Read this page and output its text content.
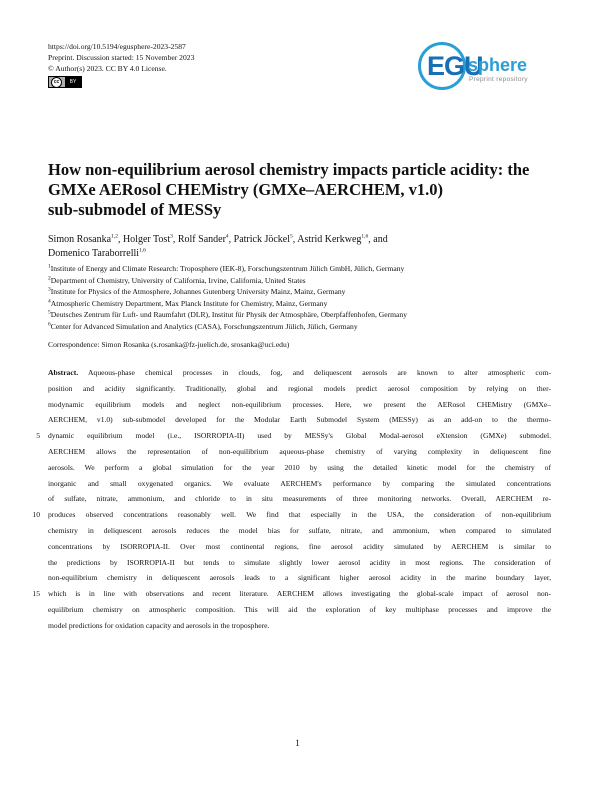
https://doi.org/10.5194/egusphere-2023-2587
Preprint. Discussion started: 15 November 2023
© Author(s) 2023. CC BY 4.0 License.
cc	BY
EGU
sphere
Preprint repository
How non-equilibrium aerosol chemistry impacts particle acidity: the
GMXe AERosol CHEMistry (GMXe–AERCHEM, v1.0)
sub-submodel of MESSy
Simon Rosanka$^{1,2}$, Holger Tost$^3$, Rolf Sander$^4$, Patrick Jöckel$^5$, Astrid Kerkweg$^{1,6}$, and
Domenico Taraborrelli$^{1,6}$
$^1$Institute of Energy and Climate Research: Troposphere (IEK-8), Forschungszentrum Jülich GmbH, Jülich, Germany
$^2$Department of Chemistry, University of California, Irvine, California, United States
$^3$Institute for Physics of the Atmosphere, Johannes Gutenberg University Mainz, Mainz, Germany
$^4$Atmospheric Chemistry Department, Max Planck Institute for Chemistry, Mainz, Germany
$^5$Deutsches Zentrum für Luft- und Raumfahrt (DLR), Institut für Physik der Atmosphäre, Oberpfaffenhofen, Germany
$^6$Center for Advanced Simulation and Analytics (CASA), Forschungszentrum Jülich, Jülich, Germany
Correspondence: Simon Rosanka (s.rosanka@fz-juelich.de, srosanka@uci.edu)
Abstract. Aqueous-phase chemical processes in clouds, fog, and deliquescent aerosols are known to alter atmospheric com-
position and acidity significantly. Traditionally, global and regional models predict aerosol composition by relying on ther-
modynamic equilibrium models and neglect non-equilibrium processes. Here, we present the AERosol CHEMistry (GMXe–
AERCHEM, v1.0) sub-submodel developed for the Modular Earth Submodel System (MESSy) as an add-on to the thermo-
5 dynamic equilibrium model (i.e., ISORROPIA-II) used by MESSy's Global Modal-aerosol eXtension (GMXe) submodel.
AERCHEM allows the representation of non-equilibrium aqueous-phase chemistry of varying complexity in deliquescent fine
aerosols. We perform a global simulation for the year 2010 by using the detailed kinetic model for the chemistry of
inorganic and small oxygenated organics. We evaluate AERCHEM's performance by comparing the simulated concentrations
of sulfate, nitrate, ammonium, and chloride to in situ measurements of three monitoring networks. Overall, AERCHEM re-
10 produces observed concentrations reasonably well. We find that especially in the USA, the consideration of non-equilibrium
chemistry in deliquescent aerosols reduces the model bias for sulfate, nitrate, and ammonium, when compared to simulated
concentrations by ISORROPIA-II. Over most continental regions, fine aerosol acidity simulated by AERCHEM is similar to
the predictions by ISORROPIA-II but tends to simulate slightly lower aerosol acidity in most regions. The consideration of
non-equilibrium chemistry in deliquescent aerosols leads to a significant higher aerosol acidity in the marine boundary layer,
15 which is in line with observations and recent literature. AERCHEM allows investigating the global-scale impact of aerosol non-
equilibrium chemistry on atmospheric composition. This will aid the exploration of key multiphase processes and improve the
model predictions for oxidation capacity and aerosols in the troposphere.
1
